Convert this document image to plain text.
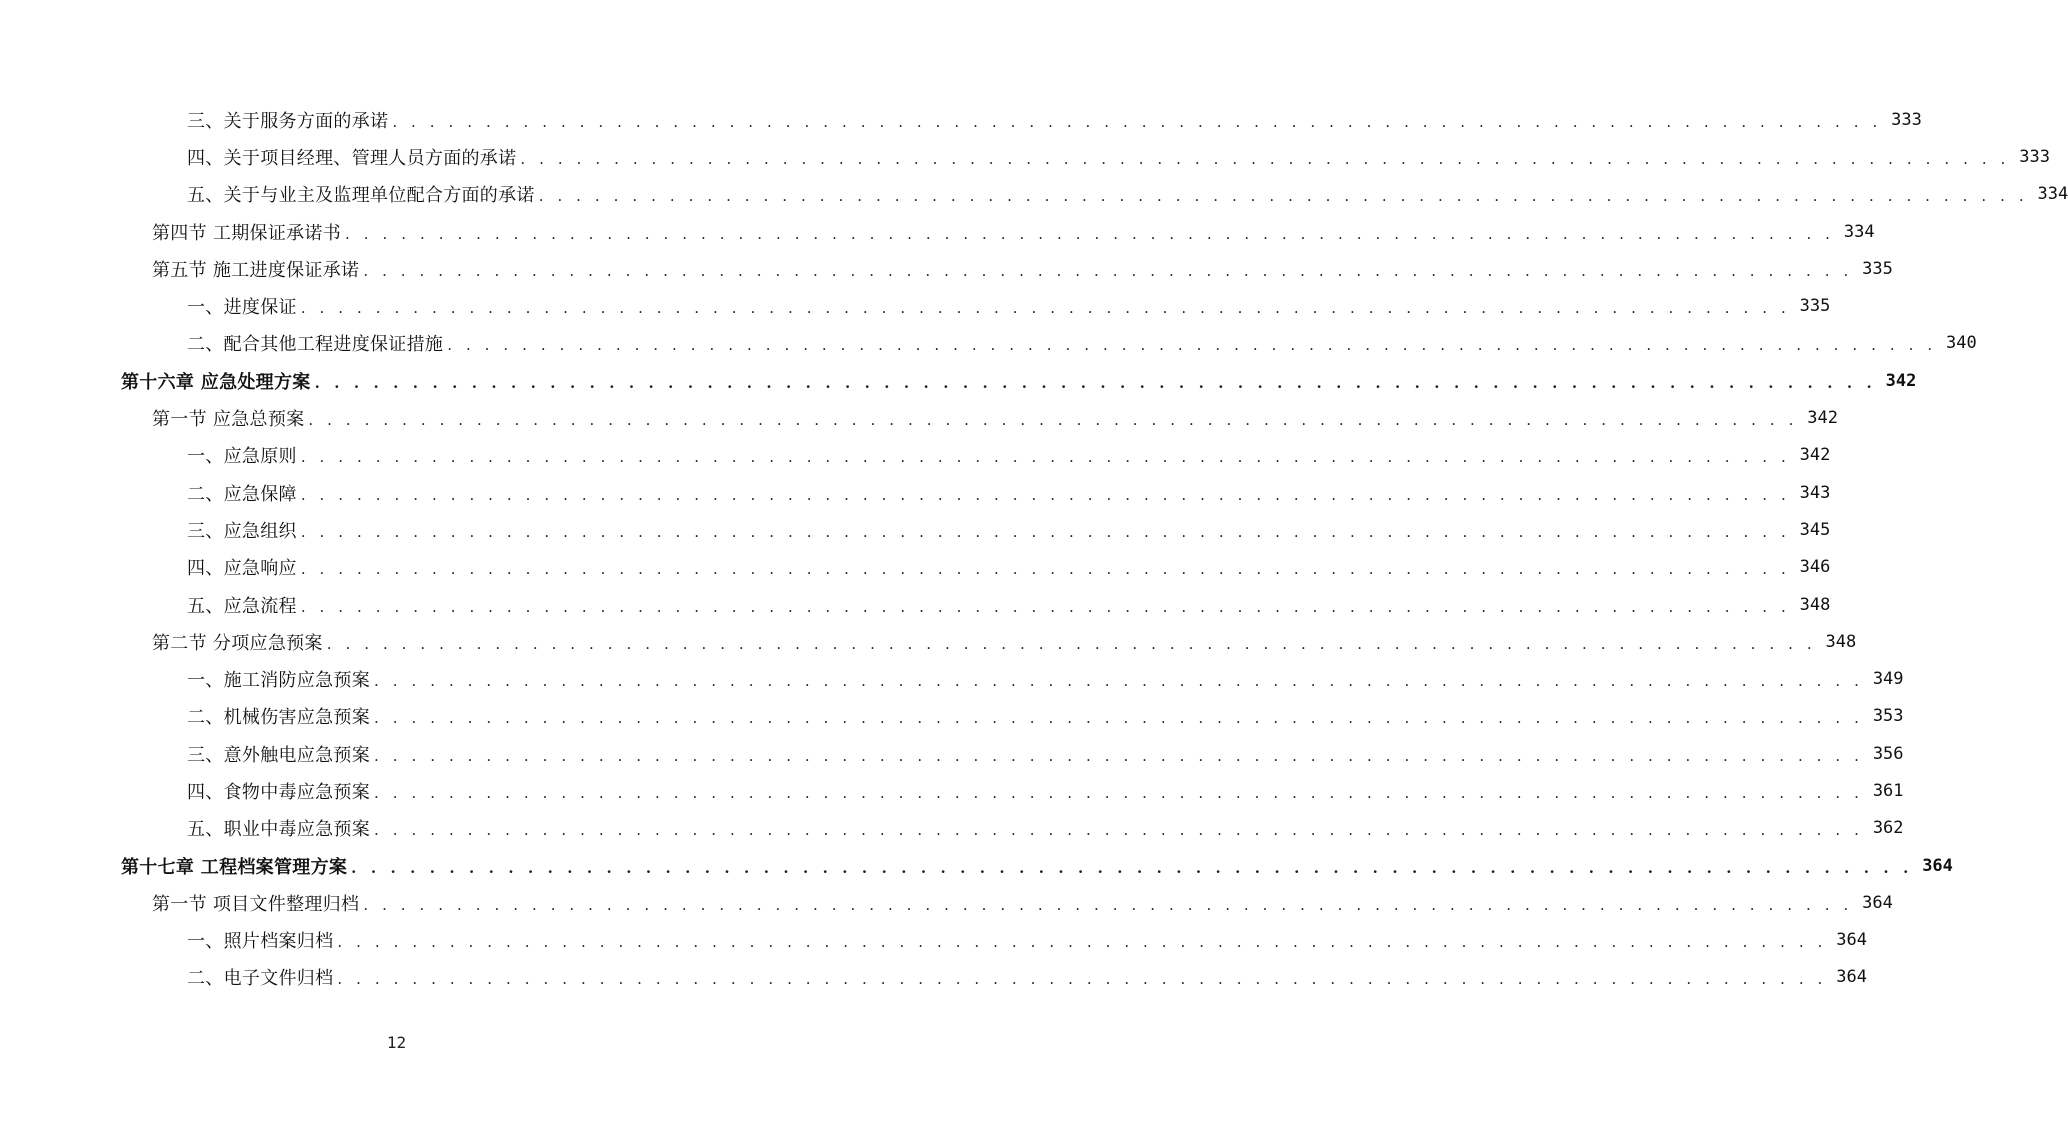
三、关于服务方面的承诺 . . . . . . . . . . . . . . . . . . . . . . . . . . . . . . . . . . . . . . . . . . . . . . . . . . . . . . . . . . . . . . . . . . . . . . . . . . . . . . . . 333
四、关于项目经理、管理人员方面的承诺 . . . . . . . . . . . . . . . . . . . . . . . . . . . . . . . . . . . . . . . . . . . . . . . . . . . . . . . . . . . . . . . . . . . . . . . . . . . . . . . . 333
五、关于与业主及监理单位配合方面的承诺 . . . . . . . . . . . . . . . . . . . . . . . . . . . . . . . . . . . . . . . . . . . . . . . . . . . . . . . . . . . . . . . . . . . . . . . . . . . . . . . . 334
第四节 工期保证承诺书 . . . . . . . . . . . . . . . . . . . . . . . . . . . . . . . . . . . . . . . . . . . . . . . . . . . . . . . . . . . . . . . . . . . . . . . . . . . . . . . . 334
第五节 施工进度保证承诺 . . . . . . . . . . . . . . . . . . . . . . . . . . . . . . . . . . . . . . . . . . . . . . . . . . . . . . . . . . . . . . . . . . . . . . . . . . . . . . . . 335
一、进度保证 . . . . . . . . . . . . . . . . . . . . . . . . . . . . . . . . . . . . . . . . . . . . . . . . . . . . . . . . . . . . . . . . . . . . . . . . . . . . . . . . 335
二、配合其他工程进度保证措施 . . . . . . . . . . . . . . . . . . . . . . . . . . . . . . . . . . . . . . . . . . . . . . . . . . . . . . . . . . . . . . . . . . . . . . . . . . . . . . . . 340
第十六章 应急处理方案 . . . . . . . . . . . . . . . . . . . . . . . . . . . . . . . . . . . . . . . . . . . . . . . . . . . . . . . . . . . . . . . . . . . . . . . . . . . . . . . . 342
第一节 应急总预案 . . . . . . . . . . . . . . . . . . . . . . . . . . . . . . . . . . . . . . . . . . . . . . . . . . . . . . . . . . . . . . . . . . . . . . . . . . . . . . . . 342
一、应急原则 . . . . . . . . . . . . . . . . . . . . . . . . . . . . . . . . . . . . . . . . . . . . . . . . . . . . . . . . . . . . . . . . . . . . . . . . . . . . . . . . 342
二、应急保障 . . . . . . . . . . . . . . . . . . . . . . . . . . . . . . . . . . . . . . . . . . . . . . . . . . . . . . . . . . . . . . . . . . . . . . . . . . . . . . . . 343
三、应急组织 . . . . . . . . . . . . . . . . . . . . . . . . . . . . . . . . . . . . . . . . . . . . . . . . . . . . . . . . . . . . . . . . . . . . . . . . . . . . . . . . 345
四、应急响应 . . . . . . . . . . . . . . . . . . . . . . . . . . . . . . . . . . . . . . . . . . . . . . . . . . . . . . . . . . . . . . . . . . . . . . . . . . . . . . . . 346
五、应急流程 . . . . . . . . . . . . . . . . . . . . . . . . . . . . . . . . . . . . . . . . . . . . . . . . . . . . . . . . . . . . . . . . . . . . . . . . . . . . . . . . 348
第二节 分项应急预案 . . . . . . . . . . . . . . . . . . . . . . . . . . . . . . . . . . . . . . . . . . . . . . . . . . . . . . . . . . . . . . . . . . . . . . . . . . . . . . . . 348
一、施工消防应急预案 . . . . . . . . . . . . . . . . . . . . . . . . . . . . . . . . . . . . . . . . . . . . . . . . . . . . . . . . . . . . . . . . . . . . . . . . . . . . . . . . 349
二、机械伤害应急预案 . . . . . . . . . . . . . . . . . . . . . . . . . . . . . . . . . . . . . . . . . . . . . . . . . . . . . . . . . . . . . . . . . . . . . . . . . . . . . . . . 353
三、意外触电应急预案 . . . . . . . . . . . . . . . . . . . . . . . . . . . . . . . . . . . . . . . . . . . . . . . . . . . . . . . . . . . . . . . . . . . . . . . . . . . . . . . . 356
四、食物中毒应急预案 . . . . . . . . . . . . . . . . . . . . . . . . . . . . . . . . . . . . . . . . . . . . . . . . . . . . . . . . . . . . . . . . . . . . . . . . . . . . . . . . 361
五、职业中毒应急预案 . . . . . . . . . . . . . . . . . . . . . . . . . . . . . . . . . . . . . . . . . . . . . . . . . . . . . . . . . . . . . . . . . . . . . . . . . . . . . . . . 362
第十七章 工程档案管理方案 . . . . . . . . . . . . . . . . . . . . . . . . . . . . . . . . . . . . . . . . . . . . . . . . . . . . . . . . . . . . . . . . . . . . . . . . . . . . . . . . 364
第一节 项目文件整理归档 . . . . . . . . . . . . . . . . . . . . . . . . . . . . . . . . . . . . . . . . . . . . . . . . . . . . . . . . . . . . . . . . . . . . . . . . . . . . . . . . 364
一、照片档案归档 . . . . . . . . . . . . . . . . . . . . . . . . . . . . . . . . . . . . . . . . . . . . . . . . . . . . . . . . . . . . . . . . . . . . . . . . . . . . . . . . 364
二、电子文件归档 . . . . . . . . . . . . . . . . . . . . . . . . . . . . . . . . . . . . . . . . . . . . . . . . . . . . . . . . . . . . . . . . . . . . . . . . . . . . . . . . 364
12
